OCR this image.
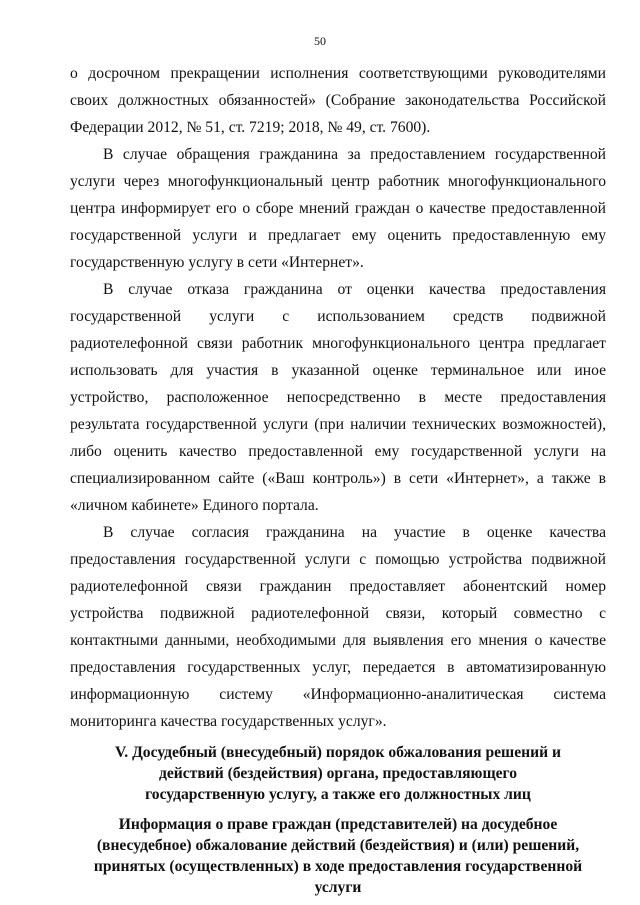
50

о досрочном прекращении исполнения соответствующими руководителями своих должностных обязанностей» (Собрание законодательства Российской Федерации 2012, № 51, ст. 7219; 2018, № 49, ст. 7600).

В случае обращения гражданина за предоставлением государственной услуги через многофункциональный центр работник многофункционального центра информирует его о сборе мнений граждан о качестве предоставленной государственной услуги и предлагает ему оценить предоставленную ему государственную услугу в сети «Интернет».

В случае отказа гражданина от оценки качества предоставления государственной услуги с использованием средств подвижной радиотелефонной связи работник многофункционального центра предлагает использовать для участия в указанной оценке терминальное или иное устройство, расположенное непосредственно в месте предоставления результата государственной услуги (при наличии технических возможностей), либо оценить качество предоставленной ему государственной услуги на специализированном сайте («Ваш контроль») в сети «Интернет», а также в «личном кабинете» Единого портала.

В случае согласия гражданина на участие в оценке качества предоставления государственной услуги с помощью устройства подвижной радиотелефонной связи гражданин предоставляет абонентский номер устройства подвижной радиотелефонной связи, который совместно с контактными данными, необходимыми для выявления его мнения о качестве предоставления государственных услуг, передается в автоматизированную информационную систему «Информационно-аналитическая система мониторинга качества государственных услуг».

V. Досудебный (внесудебный) порядок обжалования решений и действий (бездействия) органа, предоставляющего государственную услугу, а также его должностных лиц
Информация о праве граждан (представителей) на досудебное (внесудебное) обжалование действий (бездействия) и (или) решений, принятых (осуществленных) в ходе предоставления государственной услуги
